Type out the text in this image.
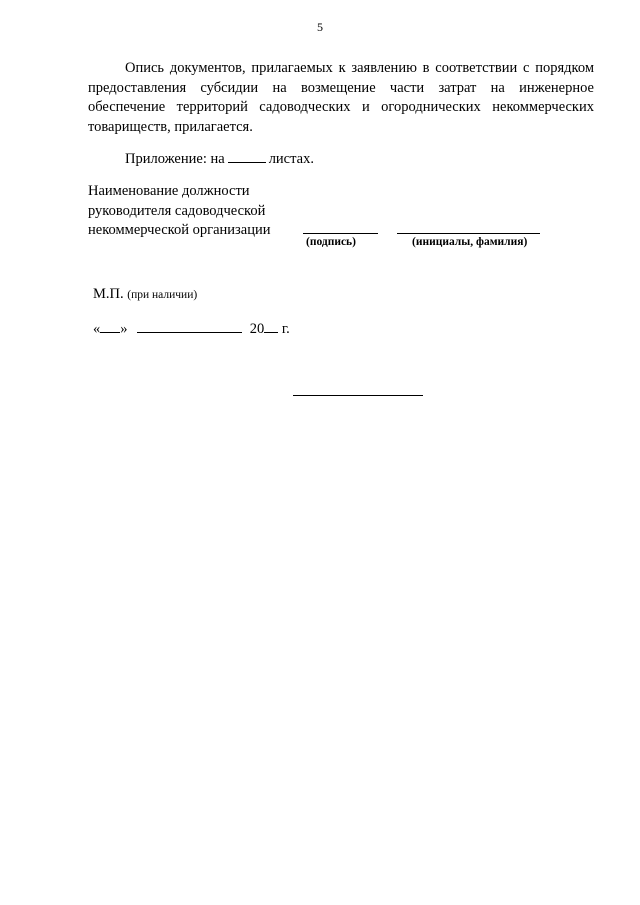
5

Опись документов, прилагаемых к заявлению в соответствии с порядком предоставления субсидии на возмещение части затрат на инженерное обеспечение территорий садоводческих и огороднических некоммерческих товариществ, прилагается.

Приложение: на	листах.
Наименование должности
руководителя садоводческой
некоммерческой организации
(подпись)	(инициалы, фамилия)
М.П. (при наличии)
« »	20 г.
